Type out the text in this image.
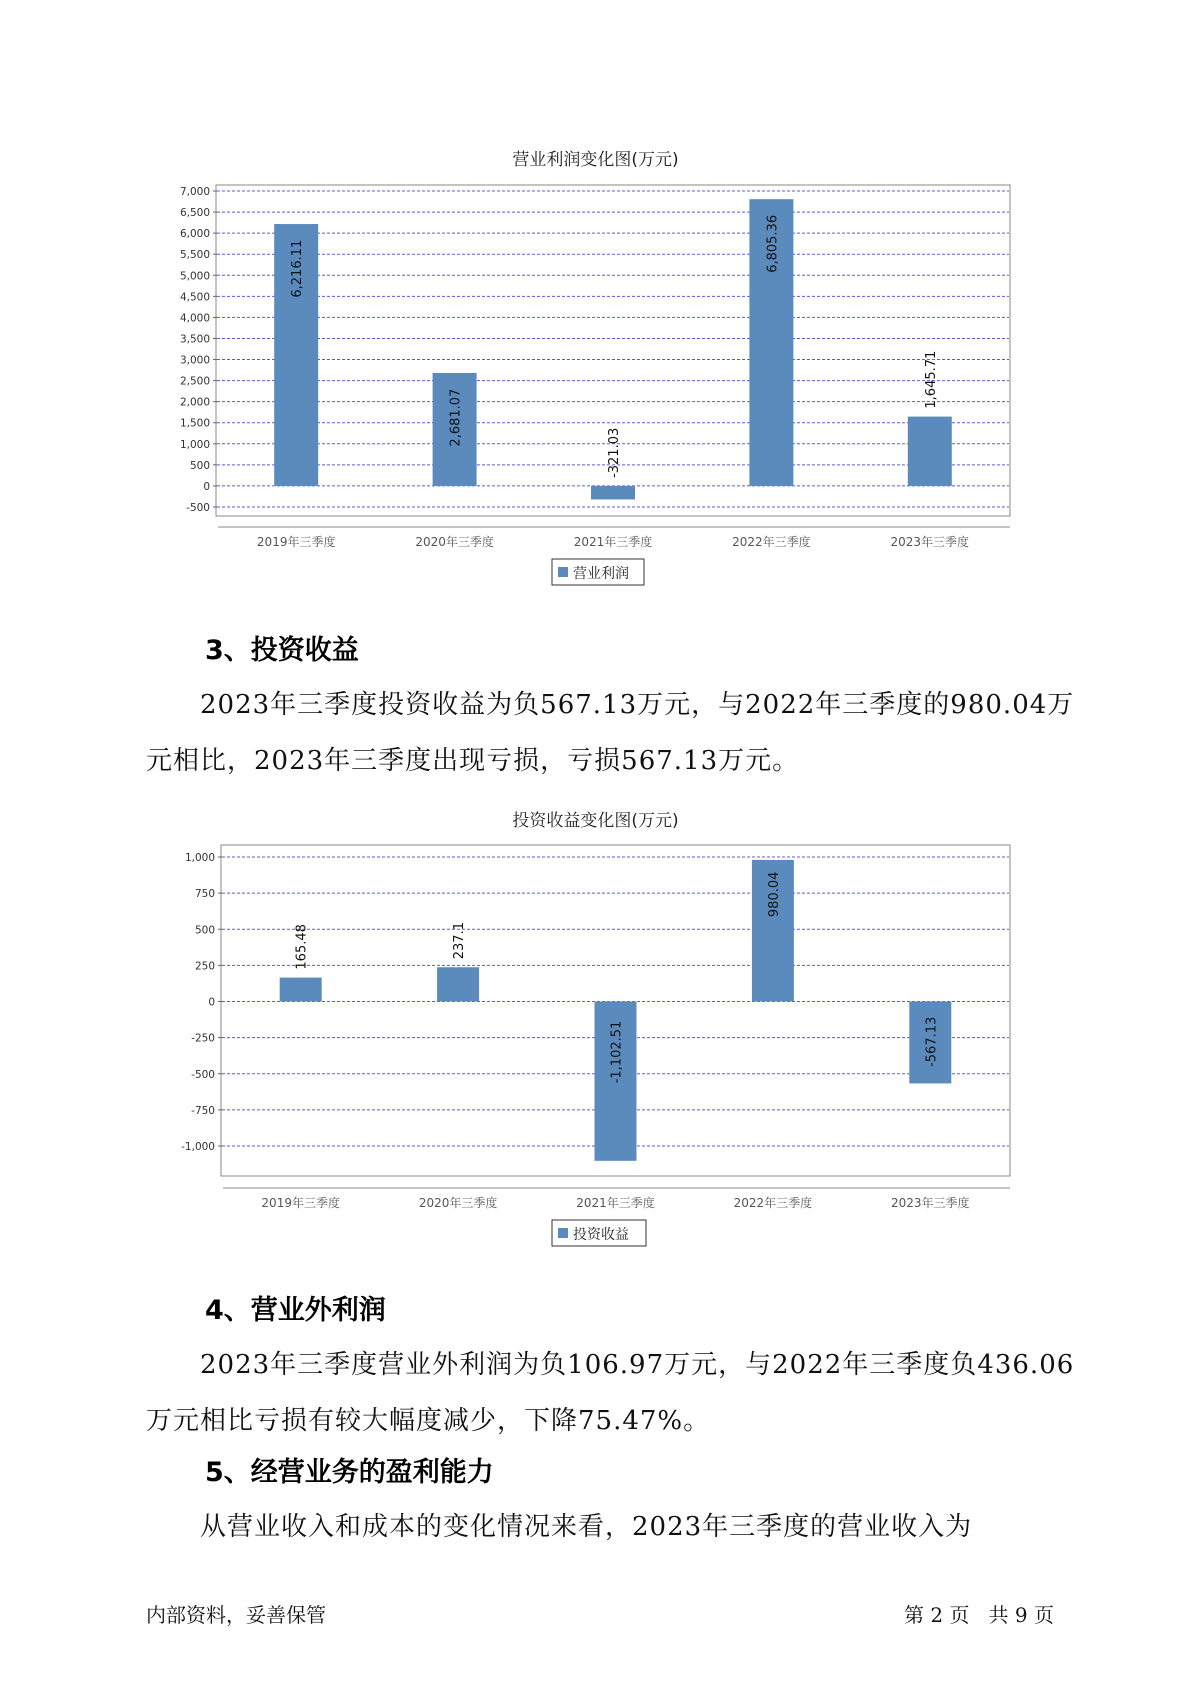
营业利润变化图(万元)
7,000
6,500
6,000
5,500
5,000
4,500
4,000
3,500
3,000
2,500
2,000
1,500
1,000
500
0
-500
6,216.11
2,681.07
-321.03
6,805.36
1,645.71
2019年三季度	2020年三季度	2021年三季度	2022年三季度	2023年三季度
营业利润
3、投资收益
2023年三季度投资收益为负567.13万元，与2022年三季度的980.04万
元相比，2023年三季度出现亏损，亏损567.13万元。
投资收益变化图(万元)
1,000
750
500
250
0
-250
-500
-750
-1,000
165.48	237.1
-1,102.51
980.04
-567.13
2019年三季度	2020年三季度	2021年三季度	2022年三季度	2023年三季度
投资收益
4、营业外利润
2023年三季度营业外利润为负106.97万元，与2022年三季度负436.06
万元相比亏损有较大幅度减少，下降75.47%。
5、经营业务的盈利能力
从营业收入和成本的变化情况来看，2023年三季度的营业收入为
内部资料，妥善保管	第 2 页   共 9 页
